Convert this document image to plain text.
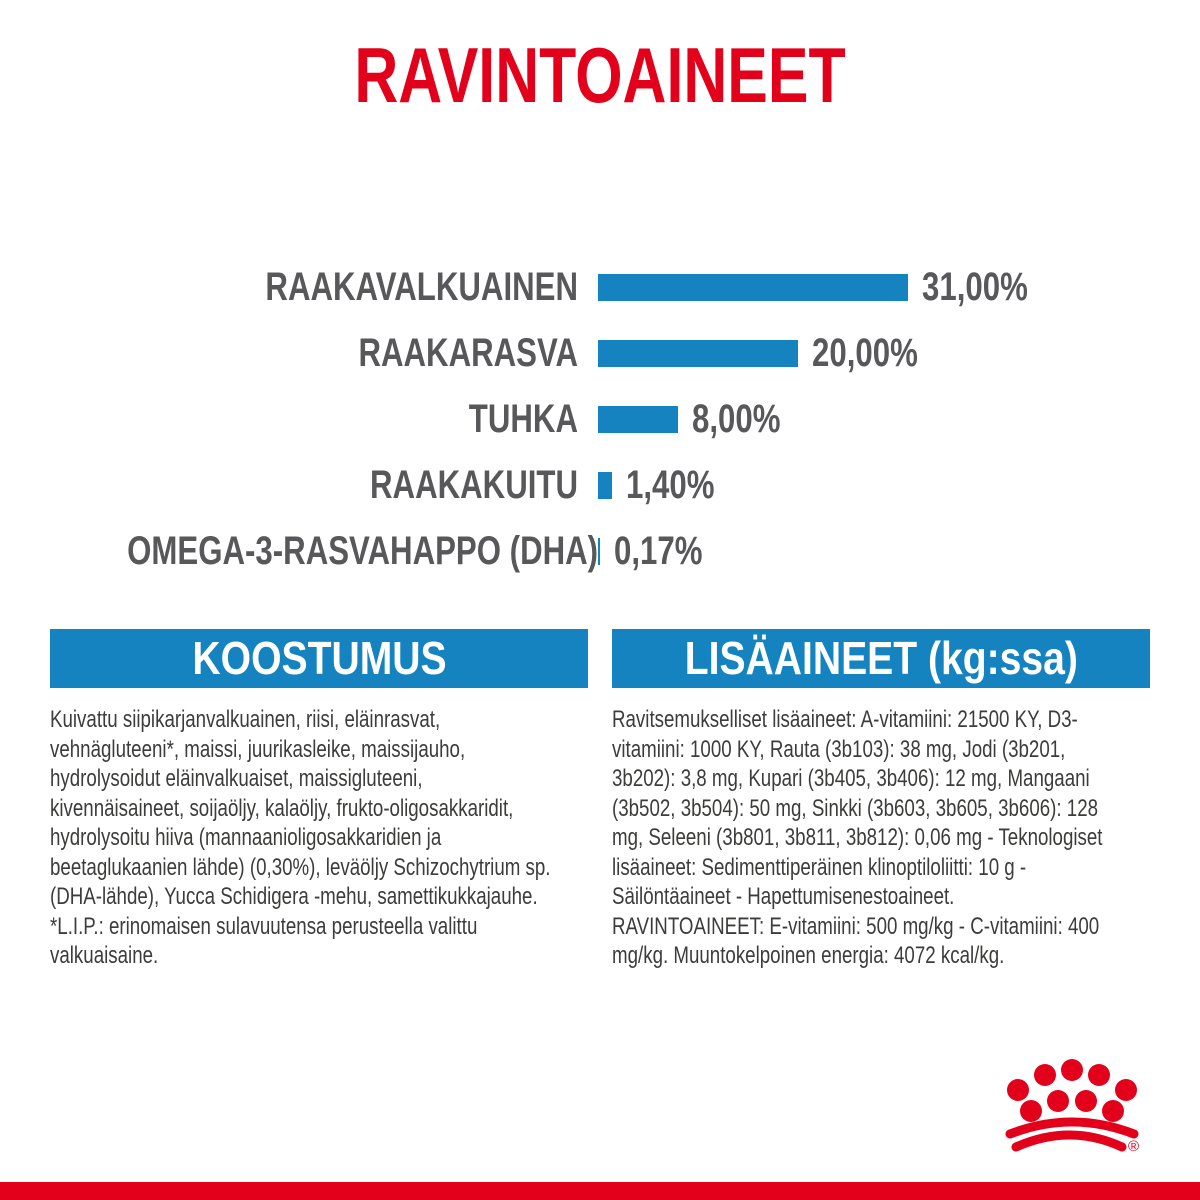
RAVINTOAINEET
RAAKAVALKUAINEN	31,00%
RAAKARASVA	20,00%
TUHKA	8,00%
RAAKAKUITU 1,40%
OMEGA-3-RASVAHAPPO (DHA) 0,17%
KOOSTUMUS
Kuivattu siipikarjanvalkuainen, riisi, eläinrasvat,
vehnägluteeni*, maissi, juurikasleike, maissijauho,
hydrolysoidut eläinvalkuaiset, maissigluteeni,
kivennäisaineet, soijaöljy, kalaöljy, frukto-oligosakkaridit,
hydrolysoitu hiiva (mannaanioligosakkaridien ja
beetaglukaanien lähde) (0,30%), leväöljy Schizochytrium sp.
(DHA-lähde), Yucca Schidigera -mehu, samettikukkajauhe.
*L.I.P.: erinomaisen sulavuutensa perusteella valittu
valkuaisaine.
LISÄAINEET (kg:ssa)
Ravitsemukselliset lisäaineet: A-vitamiini: 21500 KY, D3-
vitamiini: 1000 KY, Rauta (3b103): 38 mg, Jodi (3b201,
3b202): 3,8 mg, Kupari (3b405, 3b406): 12 mg, Mangaani
(3b502, 3b504): 50 mg, Sinkki (3b603, 3b605, 3b606): 128
mg, Seleeni (3b801, 3b811, 3b812): 0,06 mg - Teknologiset
lisäaineet: Sedimenttiperäinen klinoptiloliitti: 10 g -
Säilöntäaineet - Hapettumisenestoaineet.
RAVINTOAINEET: E-vitamiini: 500 mg/kg - C-vitamiini: 400
mg/kg. Muuntokelpoinen energia: 4072 kcal/kg.
®
